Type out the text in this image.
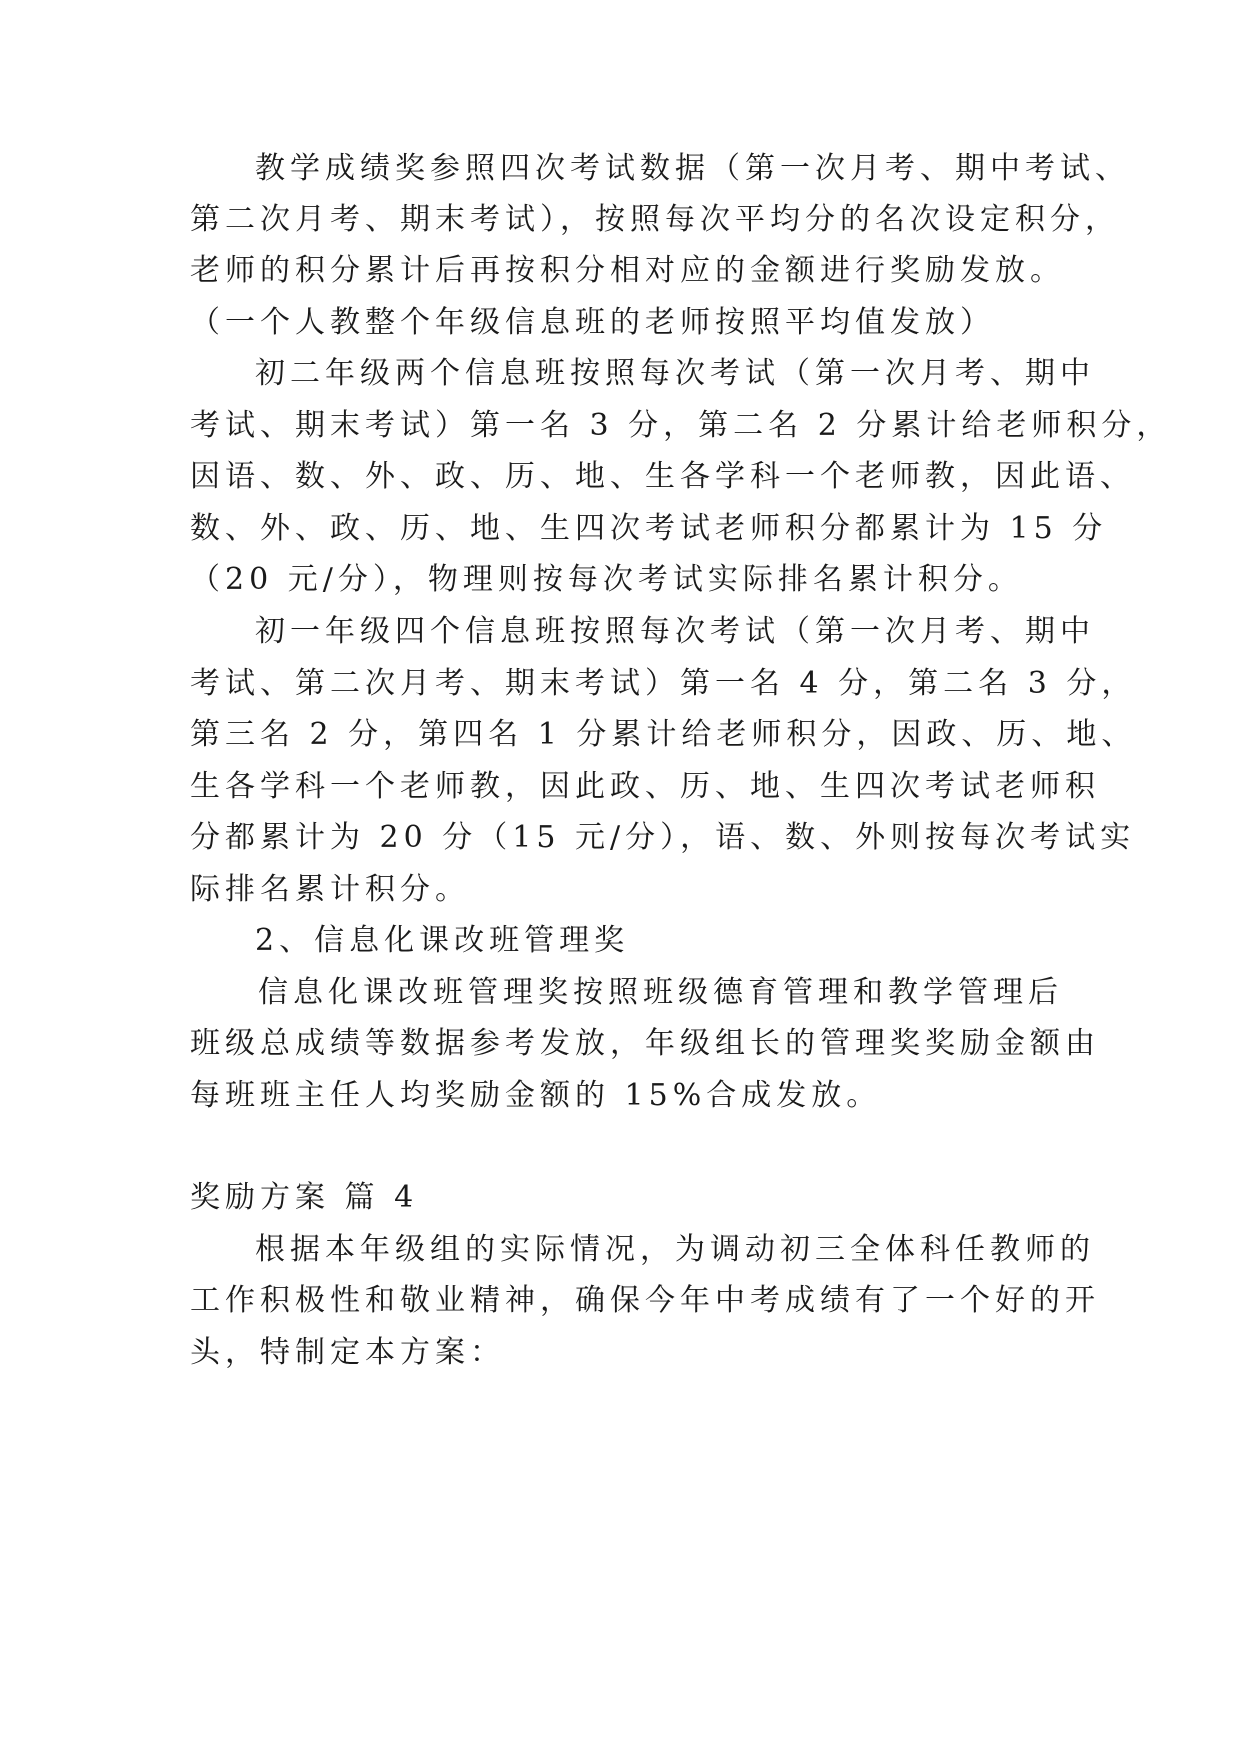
教学成绩奖参照四次考试数据（第一次月考、期中考试、
第二次月考、期末考试），按照每次平均分的名次设定积分，
老师的积分累计后再按积分相对应的金额进行奖励发放。
（一个人教整个年级信息班的老师按照平均值发放）
初二年级两个信息班按照每次考试（第一次月考、期中
考试、期末考试）第一名 3 分，第二名 2 分累计给老师积分，
因语、数、外、政、历、地、生各学科一个老师教，因此语、
数、外、政、历、地、生四次考试老师积分都累计为 15 分
（20 元/分），物理则按每次考试实际排名累计积分。
初一年级四个信息班按照每次考试（第一次月考、期中
考试、第二次月考、期末考试）第一名 4 分，第二名 3 分，
第三名 2 分，第四名 1 分累计给老师积分，因政、历、地、
生各学科一个老师教，因此政、历、地、生四次考试老师积
分都累计为 20 分（15 元/分），语、数、外则按每次考试实
际排名累计积分。
2、信息化课改班管理奖
信息化课改班管理奖按照班级德育管理和教学管理后
班级总成绩等数据参考发放，年级组长的管理奖奖励金额由
每班班主任人均奖励金额的 15%合成发放。
奖励方案 篇 4
根据本年级组的实际情况，为调动初三全体科任教师的
工作积极性和敬业精神，确保今年中考成绩有了一个好的开
头，特制定本方案：
